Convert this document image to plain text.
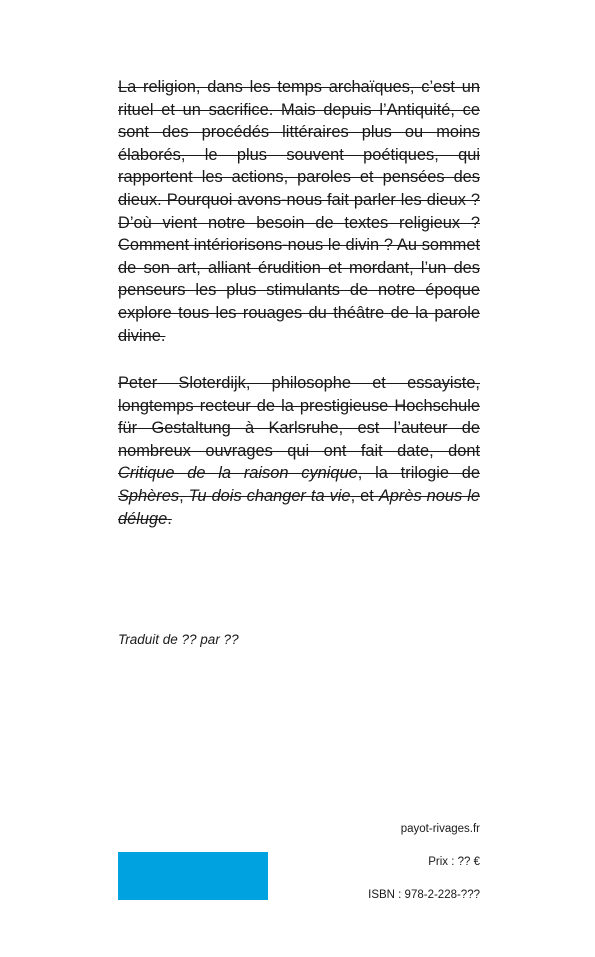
La religion, dans les temps archaïques, c’est un rituel et un sacrifice. Mais depuis l’Antiquité, ce sont des procédés littéraires plus ou moins élaborés, le plus souvent poétiques, qui rapportent les actions, paroles et pensées des dieux. Pourquoi avons-nous fait parler les dieux ? D’où vient notre besoin de textes religieux ? Comment intériorisons-nous le divin ? Au sommet de son art, alliant érudition et mordant, l’un des penseurs les plus stimulants de notre époque explore tous les rouages du théâtre de la parole divine.

Peter Sloterdijk, philosophe et essayiste, longtemps recteur de la prestigieuse Hochschule für Gestaltung à Karlsruhe, est l’auteur de nombreux ouvrages qui ont fait date, dont Critique de la raison cynique, la trilogie de Sphères, Tu dois changer ta vie, et Après nous le déluge.

Traduit de ?? par ??

payot-rivages.fr

Prix : ?? €

ISBN : 978-2-228-???
